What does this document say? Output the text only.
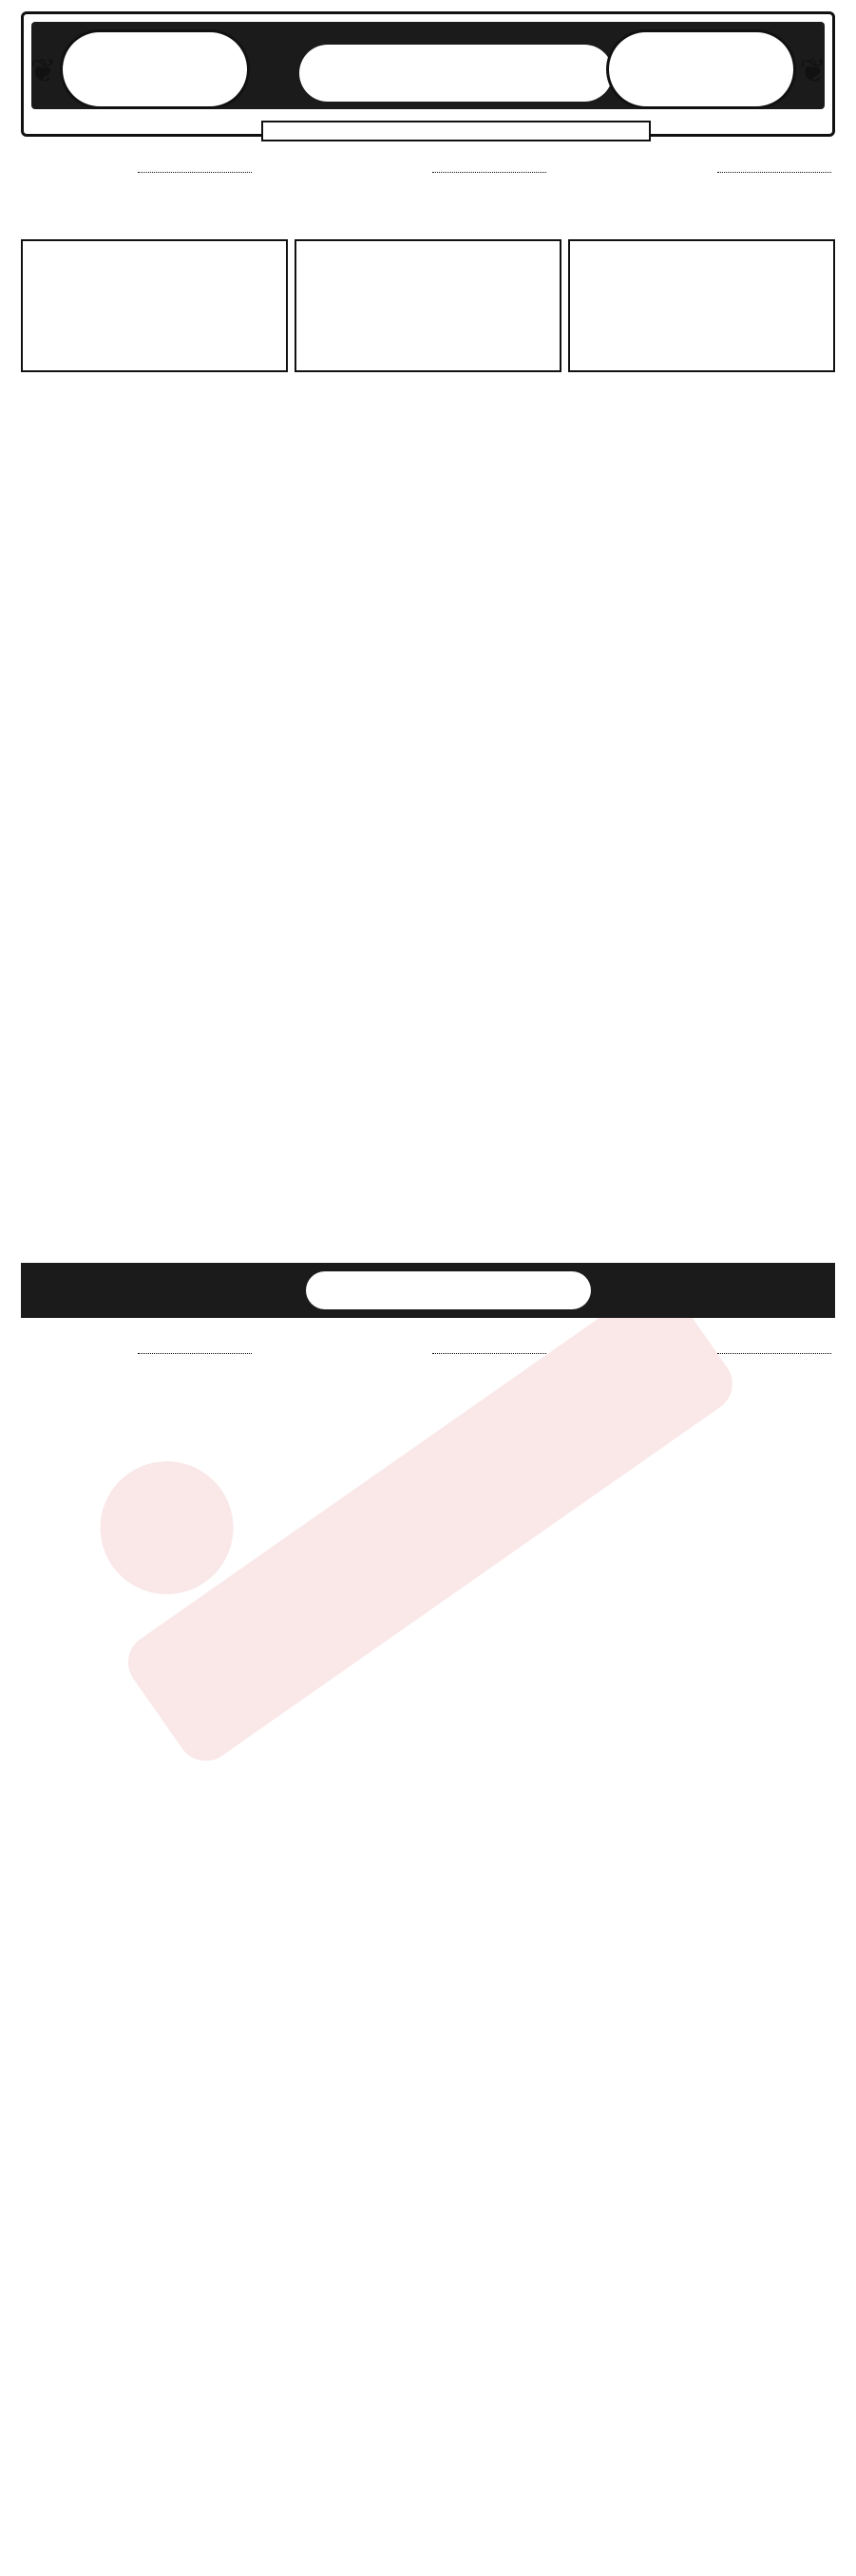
❦	❦
